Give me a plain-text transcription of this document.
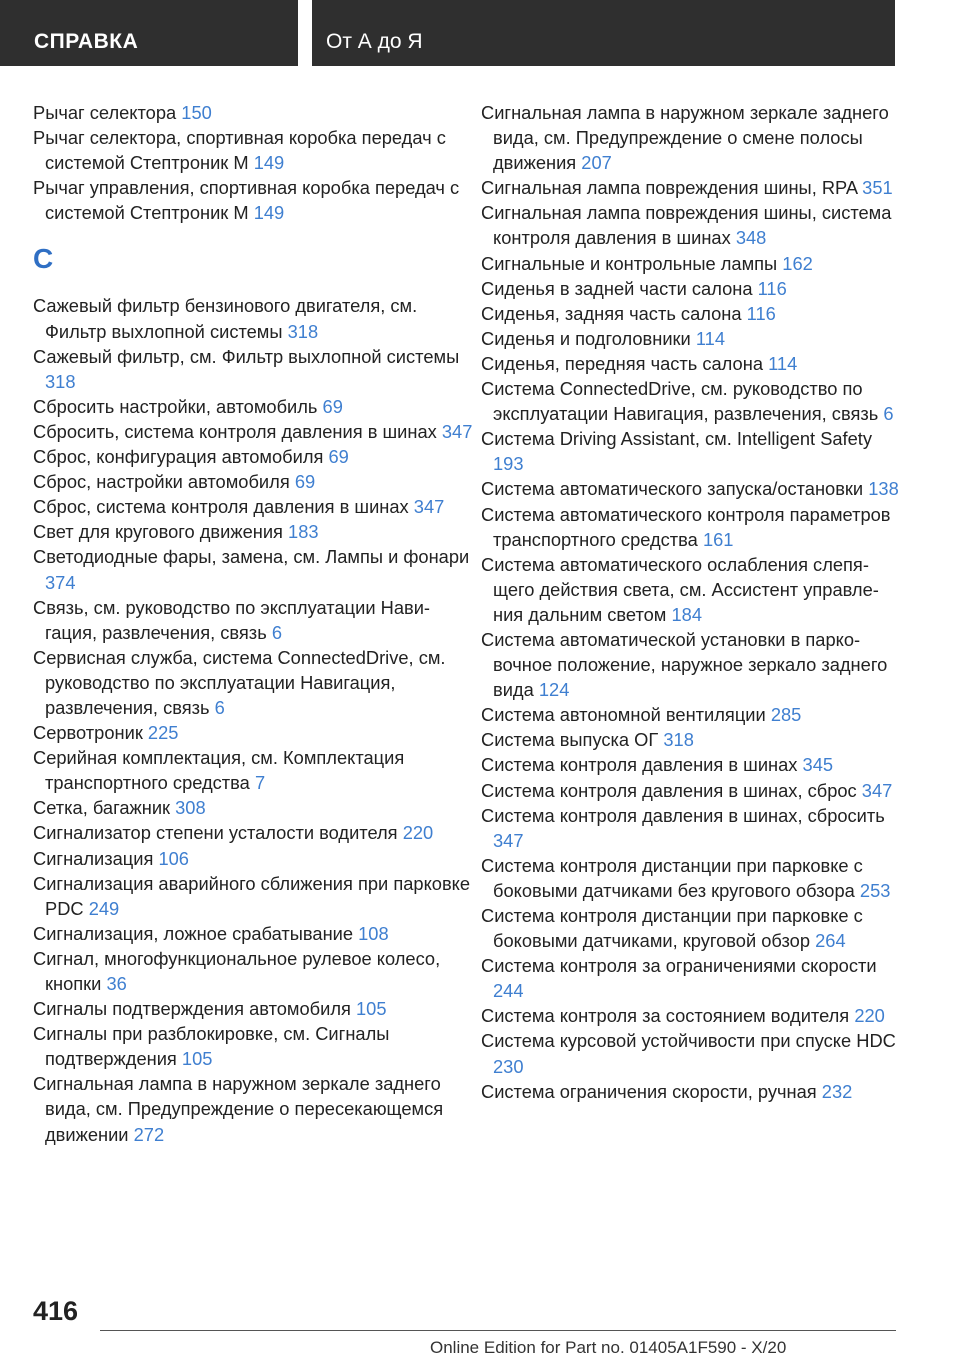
СПРАВКА	От А до Я
Рычаг селектора 150
Рычаг селектора, спортивная коробка передач с системой Стептроник M 149
Рычаг управления, спортивная коробка передач с системой Стептроник M 149
С
Сажевый фильтр бензинового двигателя, см. Фильтр выхлопной системы 318
Сажевый фильтр, см. Фильтр выхлопной системы 318
Сбросить настройки, автомобиль 69
Сбросить, система контроля давления в шинах 347
Сброс, конфигурация автомобиля 69
Сброс, настройки автомобиля 69
Сброс, система контроля давления в шинах 347
Свет для кругового движения 183
Светодиодные фары, замена, см. Лампы и фонари 374
Связь, см. руководство по эксплуатации Навигация, развлечения, связь 6
Сервисная служба, система ConnectedDrive, см. руководство по эксплуатации Навигация, развлечения, связь 6
Сервотроник 225
Серийная комплектация, см. Комплектация транспортного средства 7
Сетка, багажник 308
Сигнализатор степени усталости водителя 220
Сигнализация 106
Сигнализация аварийного сближения при парковке PDC 249
Сигнализация, ложное срабатывание 108
Сигнал, многофункциональное рулевое колесо, кнопки 36
Сигналы подтверждения автомобиля 105
Сигналы при разблокировке, см. Сигналы подтверждения 105
Сигнальная лампа в наружном зеркале заднего вида, см. Предупреждение о пересекающемся движении 272
Сигнальная лампа в наружном зеркале заднего вида, см. Предупреждение о смене полосы движения 207
Сигнальная лампа повреждения шины, RPA 351
Сигнальная лампа повреждения шины, система контроля давления в шинах 348
Сигнальные и контрольные лампы 162
Сиденья в задней части салона 116
Сиденья, задняя часть салона 116
Сиденья и подголовники 114
Сиденья, передняя часть салона 114
Система ConnectedDrive, см. руководство по эксплуатации Навигация, развлечения, связь 6
Система Driving Assistant, см. Intelligent Safety 193
Система автоматического запуска/остановки 138
Система автоматического контроля параметров транспортного средства 161
Система автоматического ослабления слепящего действия света, см. Ассистент управления дальним светом 184
Система автоматической установки в парковочное положение, наружное зеркало заднего вида 124
Система автономной вентиляции 285
Система выпуска ОГ 318
Система контроля давления в шинах 345
Система контроля давления в шинах, сброс 347
Система контроля давления в шинах, сбросить 347
Система контроля дистанции при парковке с боковыми датчиками без кругового обзора 253
Система контроля дистанции при парковке с боковыми датчиками, круговой обзор 264
Система контроля за ограничениями скорости 244
Система контроля за состоянием водителя 220
Система курсовой устойчивости при спуске HDC 230
Система ограничения скорости, ручная 232
416
Online Edition for Part no. 01405A1F590 - X/20
